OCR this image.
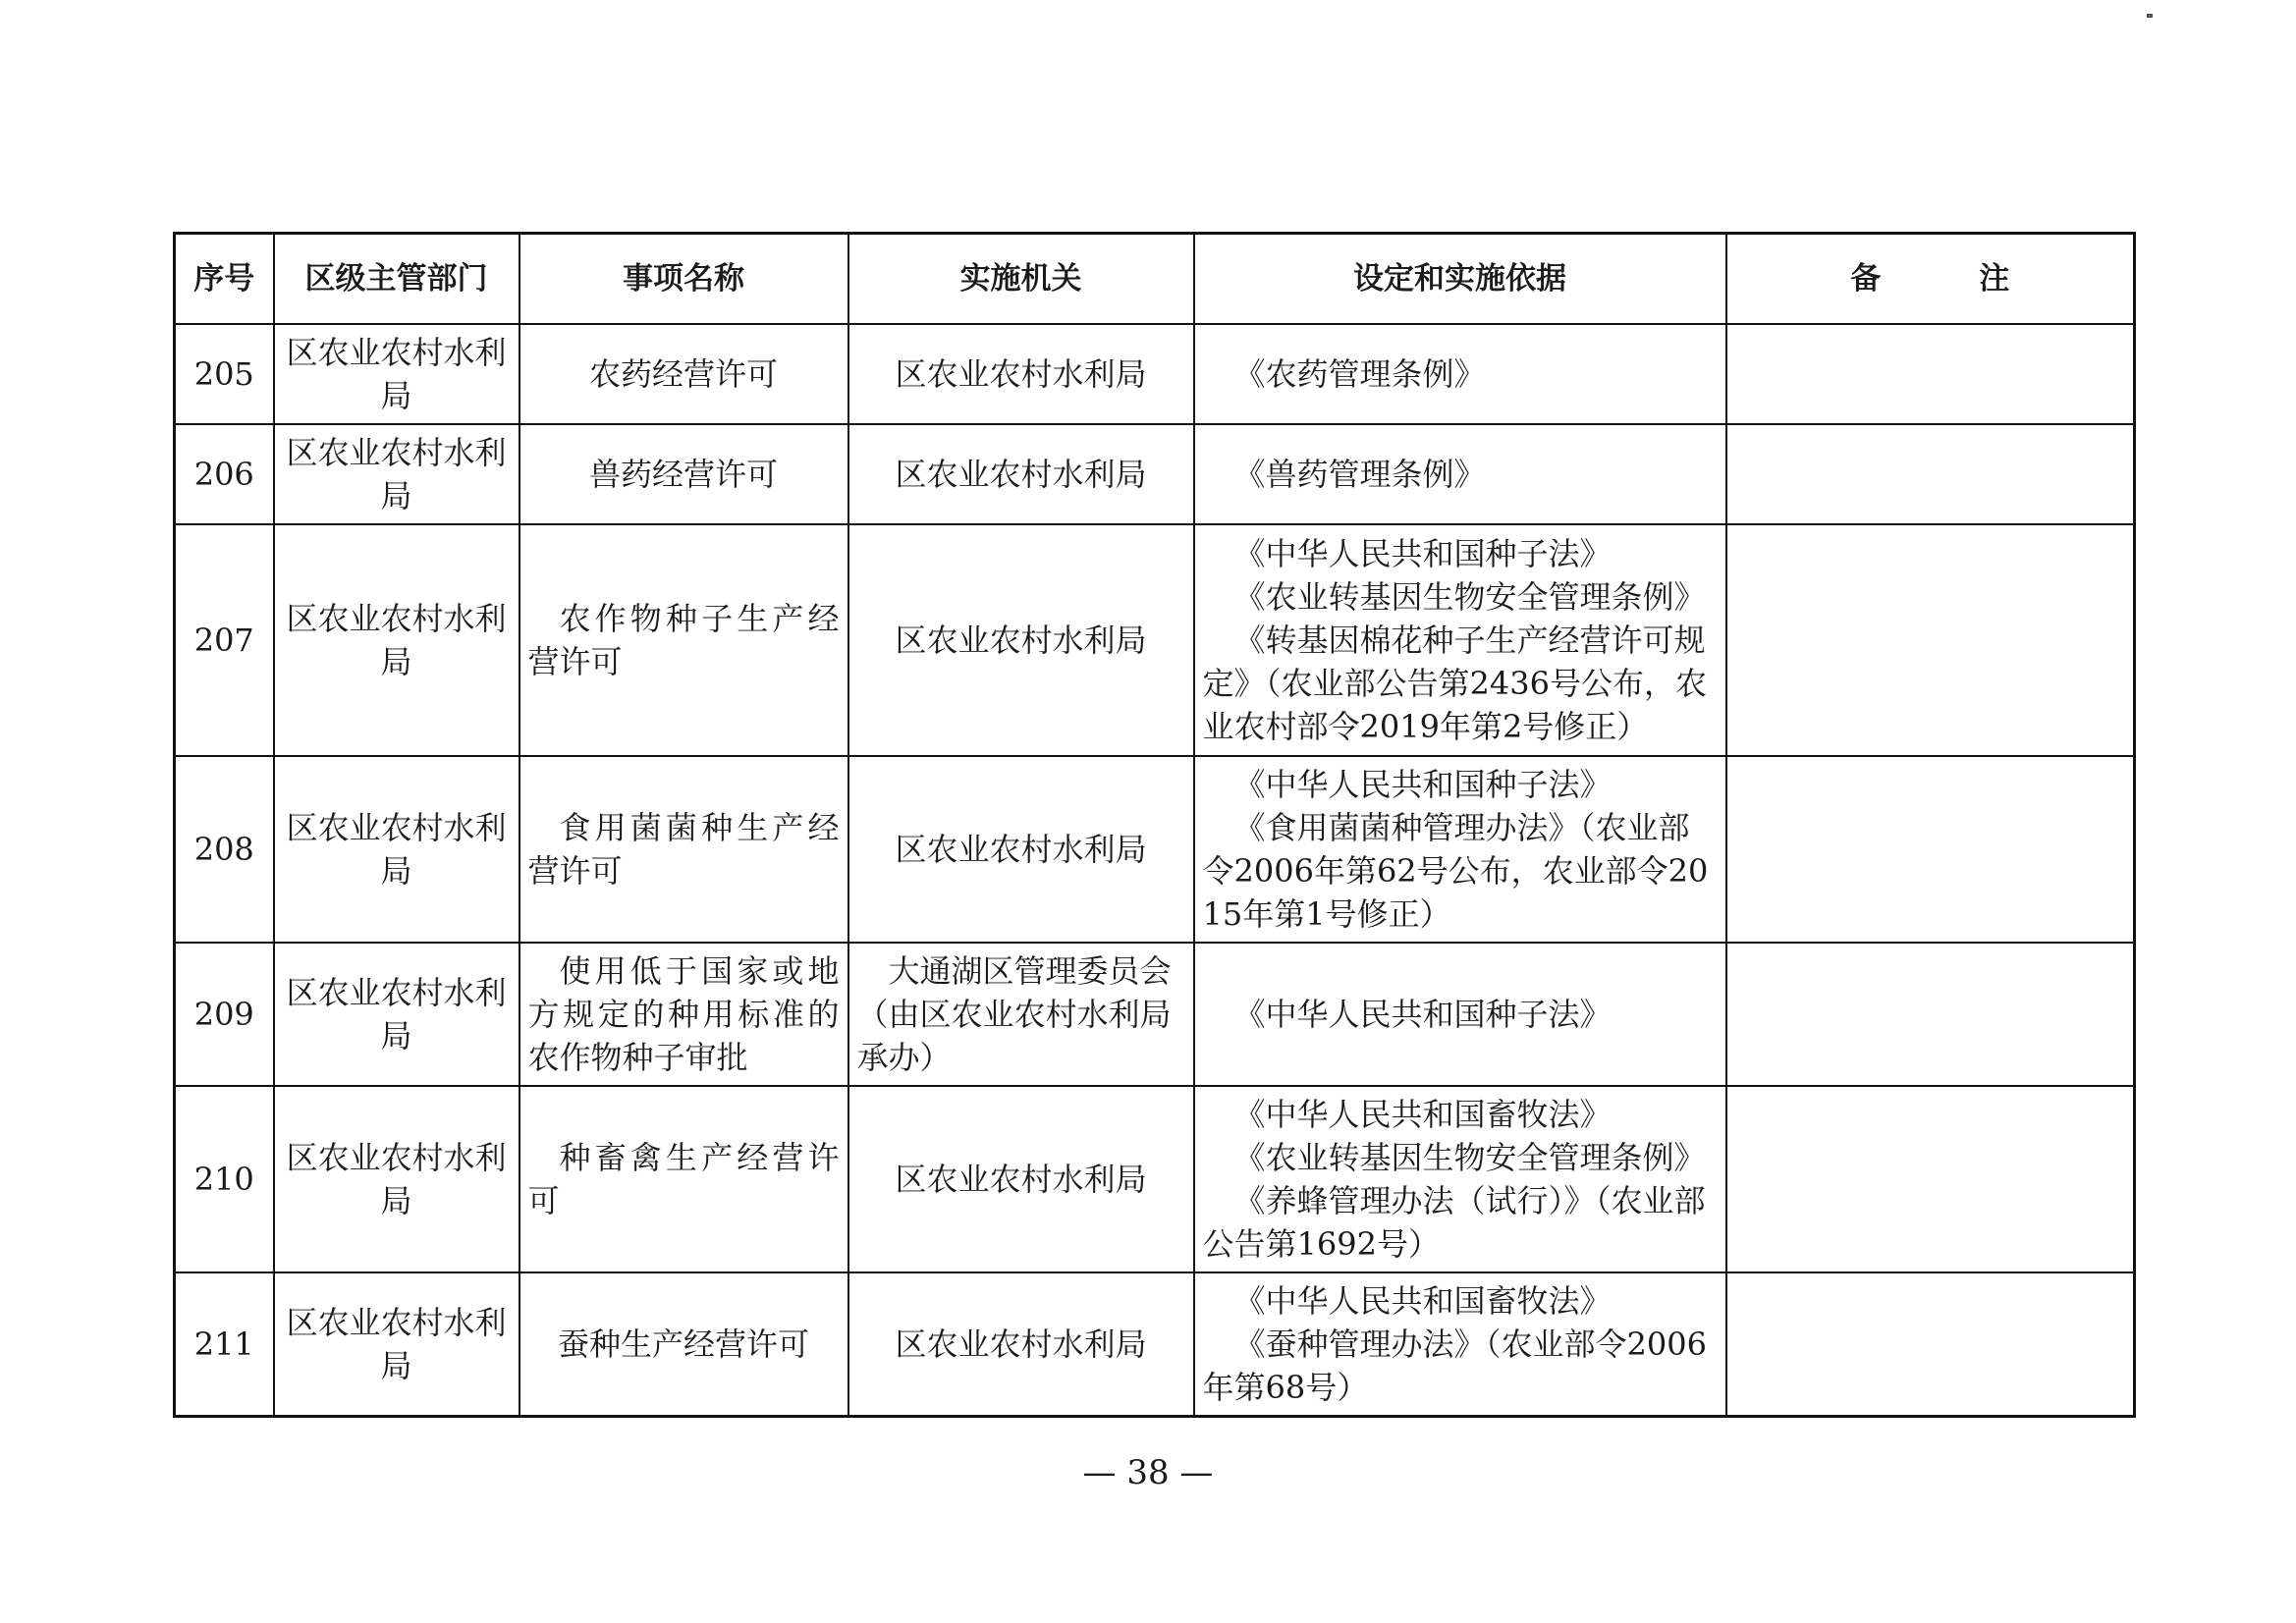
序号	区级主管部门	事项名称	实施机关	设定和实施依据	备 注
205	区农业农村水利局	农药经营许可	区农业农村水利局	《农药管理条例》	

206	区农业农村水利局	兽药经营许可	区农业农村水利局	《兽药管理条例》	

207	区农业农村水利局	农作物种子生产经营许可	区农业农村水利局	《中华人民共和国种子法》
《农业转基因生物安全管理条例》
《转基因棉花种子生产经营许可规定》（农业部公告第2436号公布，农业农村部令2019年第2号修正）	

208	区农业农村水利局	食用菌菌种生产经营许可	区农业农村水利局	《中华人民共和国种子法》
《食用菌菌种管理办法》（农业部令2006年第62号公布，农业部令2015年第1号修正）	

209	区农业农村水利局	使用低于国家或地方规定的种用标准的农作物种子审批	大通湖区管理委员会（由区农业农村水利局承办）	《中华人民共和国种子法》	

210	区农业农村水利局	种畜禽生产经营许可	区农业农村水利局	《中华人民共和国畜牧法》
《农业转基因生物安全管理条例》
《养蜂管理办法（试行）》（农业部公告第1692号）	

211	区农业农村水利局	蚕种生产经营许可	区农业农村水利局	《中华人民共和国畜牧法》
《蚕种管理办法》（农业部令2006年第68号）	

— 38 —
